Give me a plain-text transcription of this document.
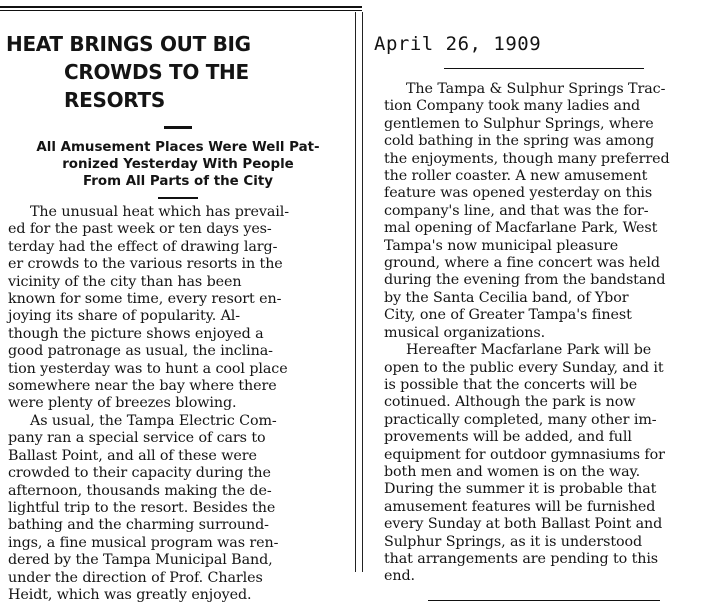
HEAT BRINGS OUT BIG
CROWDS TO THE RESORTS
All Amusement Places Were Well Pat-
ronized Yesterday With People
From All Parts of the City
The unusual heat which has prevail-
ed for the past week or ten days yes-
terday had the effect of drawing larg-
er crowds to the various resorts in the
vicinity of the city than has been
known for some time, every resort en-
joying its share of popularity. Al-
though the picture shows enjoyed a
good patronage as usual, the inclina-
tion yesterday was to hunt a cool place
somewhere near the bay where there
were plenty of breezes blowing.
As usual, the Tampa Electric Com-
pany ran a special service of cars to
Ballast Point, and all of these were
crowded to their capacity during the
afternoon, thousands making the de-
lightful trip to the resort. Besides the
bathing and the charming surround-
ings, a fine musical program was ren-
dered by the Tampa Municipal Band,
under the direction of Prof. Charles
Heidt, which was greatly enjoyed.
April 26, 1909
The Tampa & Sulphur Springs Trac-
tion Company took many ladies and
gentlemen to Sulphur Springs, where
cold bathing in the spring was among
the enjoyments, though many preferred
the roller coaster. A new amusement
feature was opened yesterday on this
company's line, and that was the for-
mal opening of Macfarlane Park, West
Tampa's now municipal pleasure
ground, where a fine concert was held
during the evening from the bandstand
by the Santa Cecilia band, of Ybor
City, one of Greater Tampa's finest
musical organizations.
Hereafter Macfarlane Park will be
open to the public every Sunday, and it
is possible that the concerts will be
cotinued. Although the park is now
practically completed, many other im-
provements will be added, and full
equipment for outdoor gymnasiums for
both men and women is on the way.
During the summer it is probable that
amusement features will be furnished
every Sunday at both Ballast Point and
Sulphur Springs, as it is understood
that arrangements are pending to this
end.
